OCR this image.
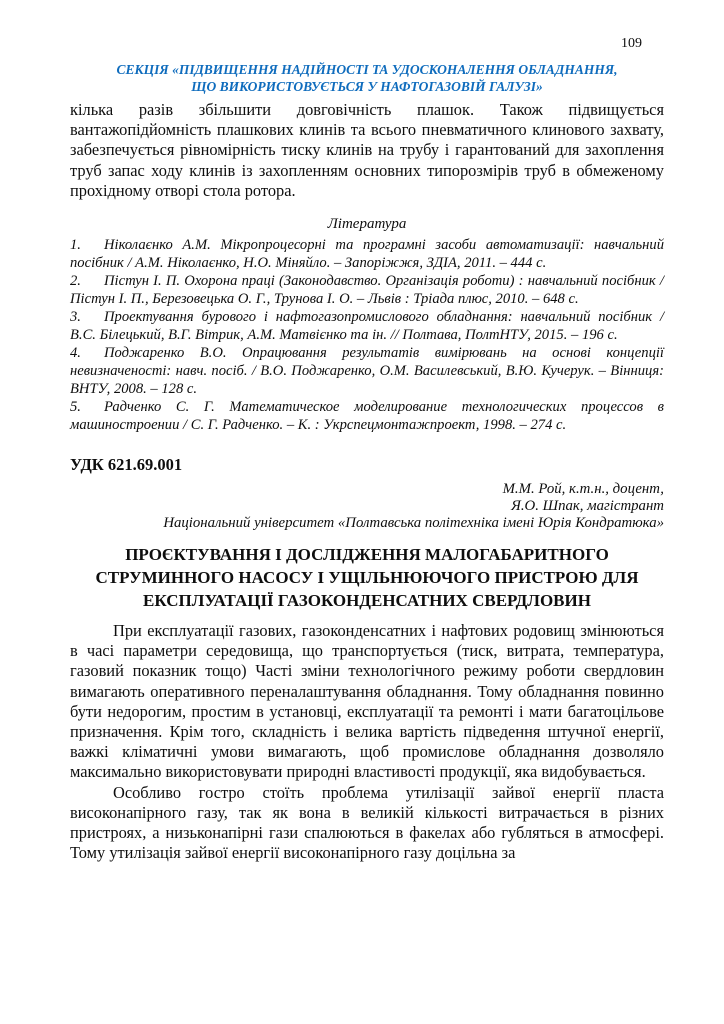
109
СЕКЦІЯ «ПІДВИЩЕННЯ НАДІЙНОСТІ ТА УДОСКОНАЛЕННЯ ОБЛАДНАННЯ,
ЩО ВИКОРИСТОВУЄТЬСЯ У НАФТОГАЗОВІЙ ГАЛУЗІ»

кілька разів збільшити довговічність плашок. Також підвищується вантажопідйомність плашкових клинів та всього пневматичного клинового захвату, забезпечується рівномірність тиску клинів на трубу і гарантований для захоплення труб запас ходу клинів із захопленням основних типорозмірів труб в обмеженому прохідному отворі стола ротора.

Література

1. Ніколаєнко А.М. Мікропроцесорні та програмні засоби автоматизації: навчальний посібник / А.М. Ніколаєнко, Н.О. Міняйло. – Запоріжжя, ЗДІА, 2011. – 444 с.

2. Пістун І. П. Охорона праці (Законодавство. Організація роботи) : навчальний посібник / Пістун І. П., Березовецька О. Г., Трунова І. О. – Львів : Тріада плюс, 2010. – 648 с.

3. Проектування бурового і нафтогазопромислового обладнання: навчальний посібник / В.С. Білецький, В.Г. Вітрик, А.М. Матвієнко та ін. // Полтава, ПолтНТУ, 2015. – 196 с.

4. Поджаренко В.О. Опрацювання результатів вимірювань на основі концепції невизначеності: навч. посіб. / В.О. Поджаренко, О.М. Василевський, В.Ю. Кучерук. – Вінниця: ВНТУ, 2008. – 128 с.

5. Радченко С. Г. Математическое моделирование технологических процессов в машиностроении / С. Г. Радченко. – К. : Укрспецмонтажпроект, 1998. – 274 с.

УДК 621.69.001
М.М. Рой, к.т.н., доцент,
Я.О. Шпак, магістрант
Національний університет «Полтавська політехніка імені Юрія Кондратюка»
ПРОЄКТУВАННЯ І ДОСЛІДЖЕННЯ МАЛОГАБАРИТНОГО СТРУМИННОГО НАСОСУ І УЩІЛЬНЮЮЧОГО ПРИСТРОЮ ДЛЯ ЕКСПЛУАТАЦІЇ ГАЗОКОНДЕНСАТНИХ СВЕРДЛОВИН

При експлуатації газових, газоконденсатних і нафтових родовищ змінюються в часі параметри середовища, що транспортується (тиск, витрата, температура, газовий показник тощо) Часті зміни технологічного режиму роботи свердловин вимагають оперативного переналаштування обладнання. Тому обладнання повинно бути недорогим, простим в установці, експлуатації та ремонті і мати багатоцільове призначення. Крім того, складність і велика вартість підведення штучної енергії, важкі кліматичні умови вимагають, щоб промислове обладнання дозволяло максимально використовувати природні властивості продукції, яка видобувається.

Особливо гостро стоїть проблема утилізації зайвої енергії пласта високонапірного газу, так як вона в великій кількості витрачається в різних пристроях, а низьконапірні гази спалюються в факелах або губляться в атмосфері. Тому утилізація зайвої енергії високонапірного газу доцільна за
